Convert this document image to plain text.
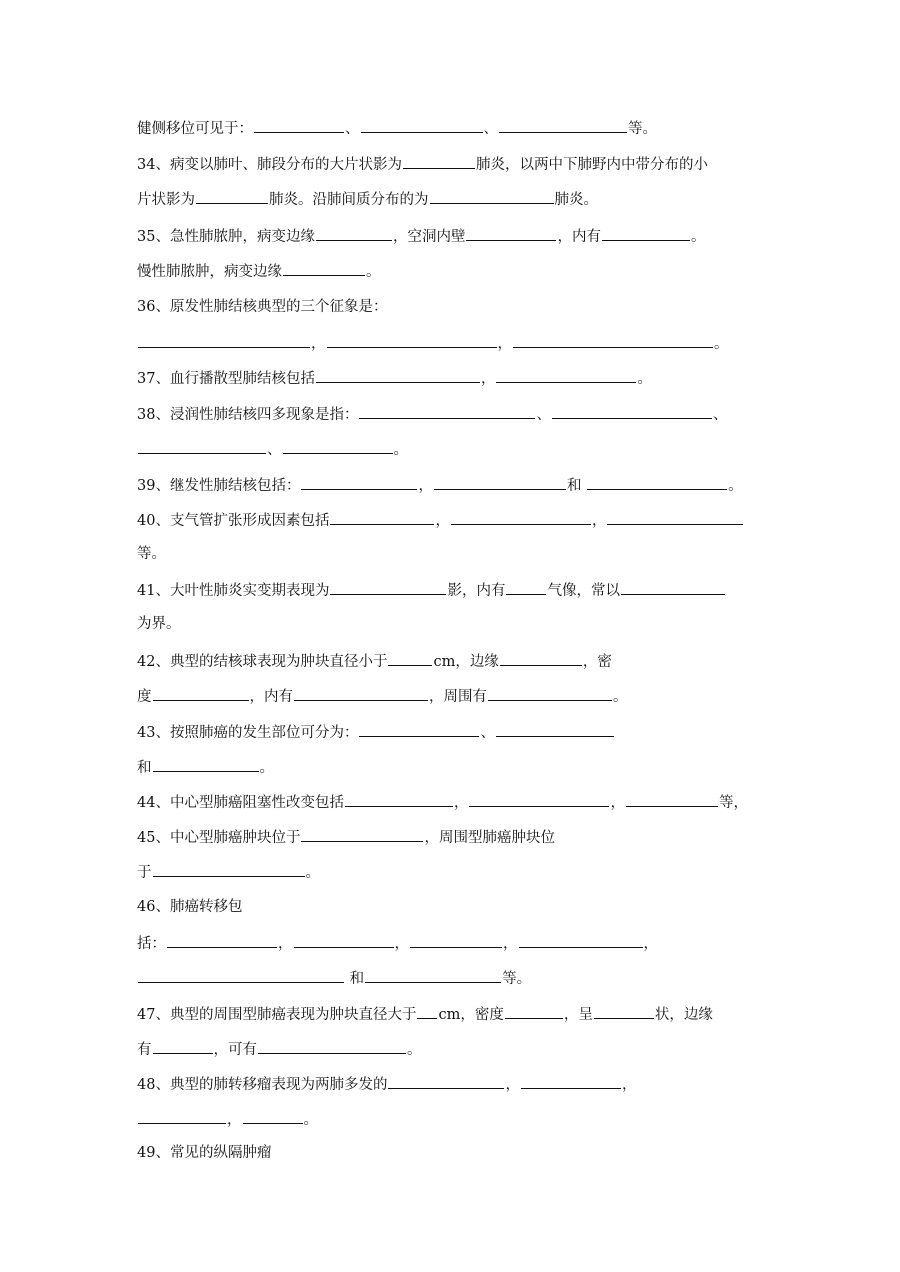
健侧移位可见于：	、	、	等。
34、病变以肺叶、肺段分布的大片状影为	肺炎，以两中下肺野内中带分布的小
片状影为	肺炎。沿肺间质分布的为	肺炎。
35、急性肺脓肿，病变边缘	，空洞内壁	，内有	。
慢性肺脓肿，病变边缘	。
36、原发性肺结核典型的三个征象是：
，	，	。
37、血行播散型肺结核包括	，	。
38、浸润性肺结核四多现象是指：	、	、
、	。
39、继发性肺结核包括：	，	和	。
40、支气管扩张形成因素包括	，	，
等。
41、大叶性肺炎实变期表现为	影，内有	气像，常以
为界。
42、典型的结核球表现为肿块直径小于	cm，边缘	，密
度	，内有	，周围有	。
43、按照肺癌的发生部位可分为：	、
和	。
44、中心型肺癌阻塞性改变包括	，	，	等，
45、中心型肺癌肿块位于	，周围型肺癌肿块位
于	。
46、肺癌转移包
括：	，	，	，	，
和	等。
47、典型的周围型肺癌表现为肿块直径大于 cm，密度	，呈	状，边缘
有	，可有	。
48、典型的肺转移瘤表现为两肺多发的	，	，
，	。
49、常见的纵隔肿瘤
